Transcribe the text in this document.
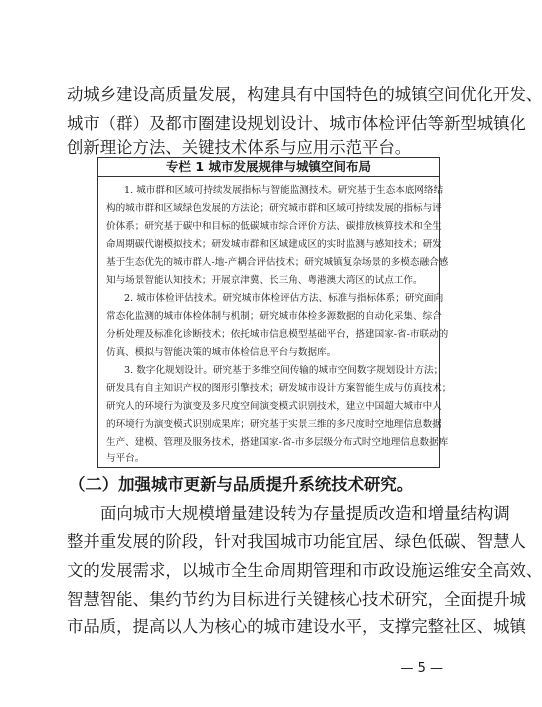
动城乡建设高质量发展，构建具有中国特色的城镇空间优化开发、
城市（群）及都市圈建设规划设计、城市体检评估等新型城镇化
创新理论方法、关键技术体系与应用示范平台。
专栏 1 城市发展规律与城镇空间布局
1. 城市群和区域可持续发展指标与智能监测技术。研究基于生态本底网络结
构的城市群和区域绿色发展的方法论；研究城市群和区域可持续发展的指标与评
价体系；研究基于碳中和目标的低碳城市综合评价方法、碳排放核算技术和全生
命周期碳代谢模拟技术；研发城市群和区域建成区的实时监测与感知技术；研发
基于生态优先的城市群人-地-产耦合评估技术；研究城镇复杂场景的多模态融合感
知与场景智能认知技术；开展京津冀、长三角、粤港澳大湾区的试点工作。
2. 城市体检评估技术。研究城市体检评估方法、标准与指标体系；研究面向
常态化监测的城市体检体制与机制；研究城市体检多源数据的自动化采集、综合
分析处理及标准化诊断技术；依托城市信息模型基础平台，搭建国家-省-市联动的
仿真、模拟与智能决策的城市体检信息平台与数据库。
3. 数字化规划设计。研究基于多维空间传输的城市空间数字规划设计方法；
研发具有自主知识产权的图形引擎技术；研发城市设计方案智能生成与仿真技术；
研究人的环境行为演变及多尺度空间演变模式识别技术，建立中国超大城市中人
的环境行为演变模式识别成果库；研究基于实景三维的多尺度时空地理信息数据
生产、建模、管理及服务技术，搭建国家-省-市多层级分布式时空地理信息数据库
与平台。
（二）加强城市更新与品质提升系统技术研究。
面向城市大规模增量建设转为存量提质改造和增量结构调
整并重发展的阶段，针对我国城市功能宜居、绿色低碳、智慧人
文的发展需求，以城市全生命周期管理和市政设施运维安全高效、
智慧智能、集约节约为目标进行关键核心技术研究，全面提升城
市品质，提高以人为核心的城市建设水平，支撑完整社区、城镇
— 5 —
